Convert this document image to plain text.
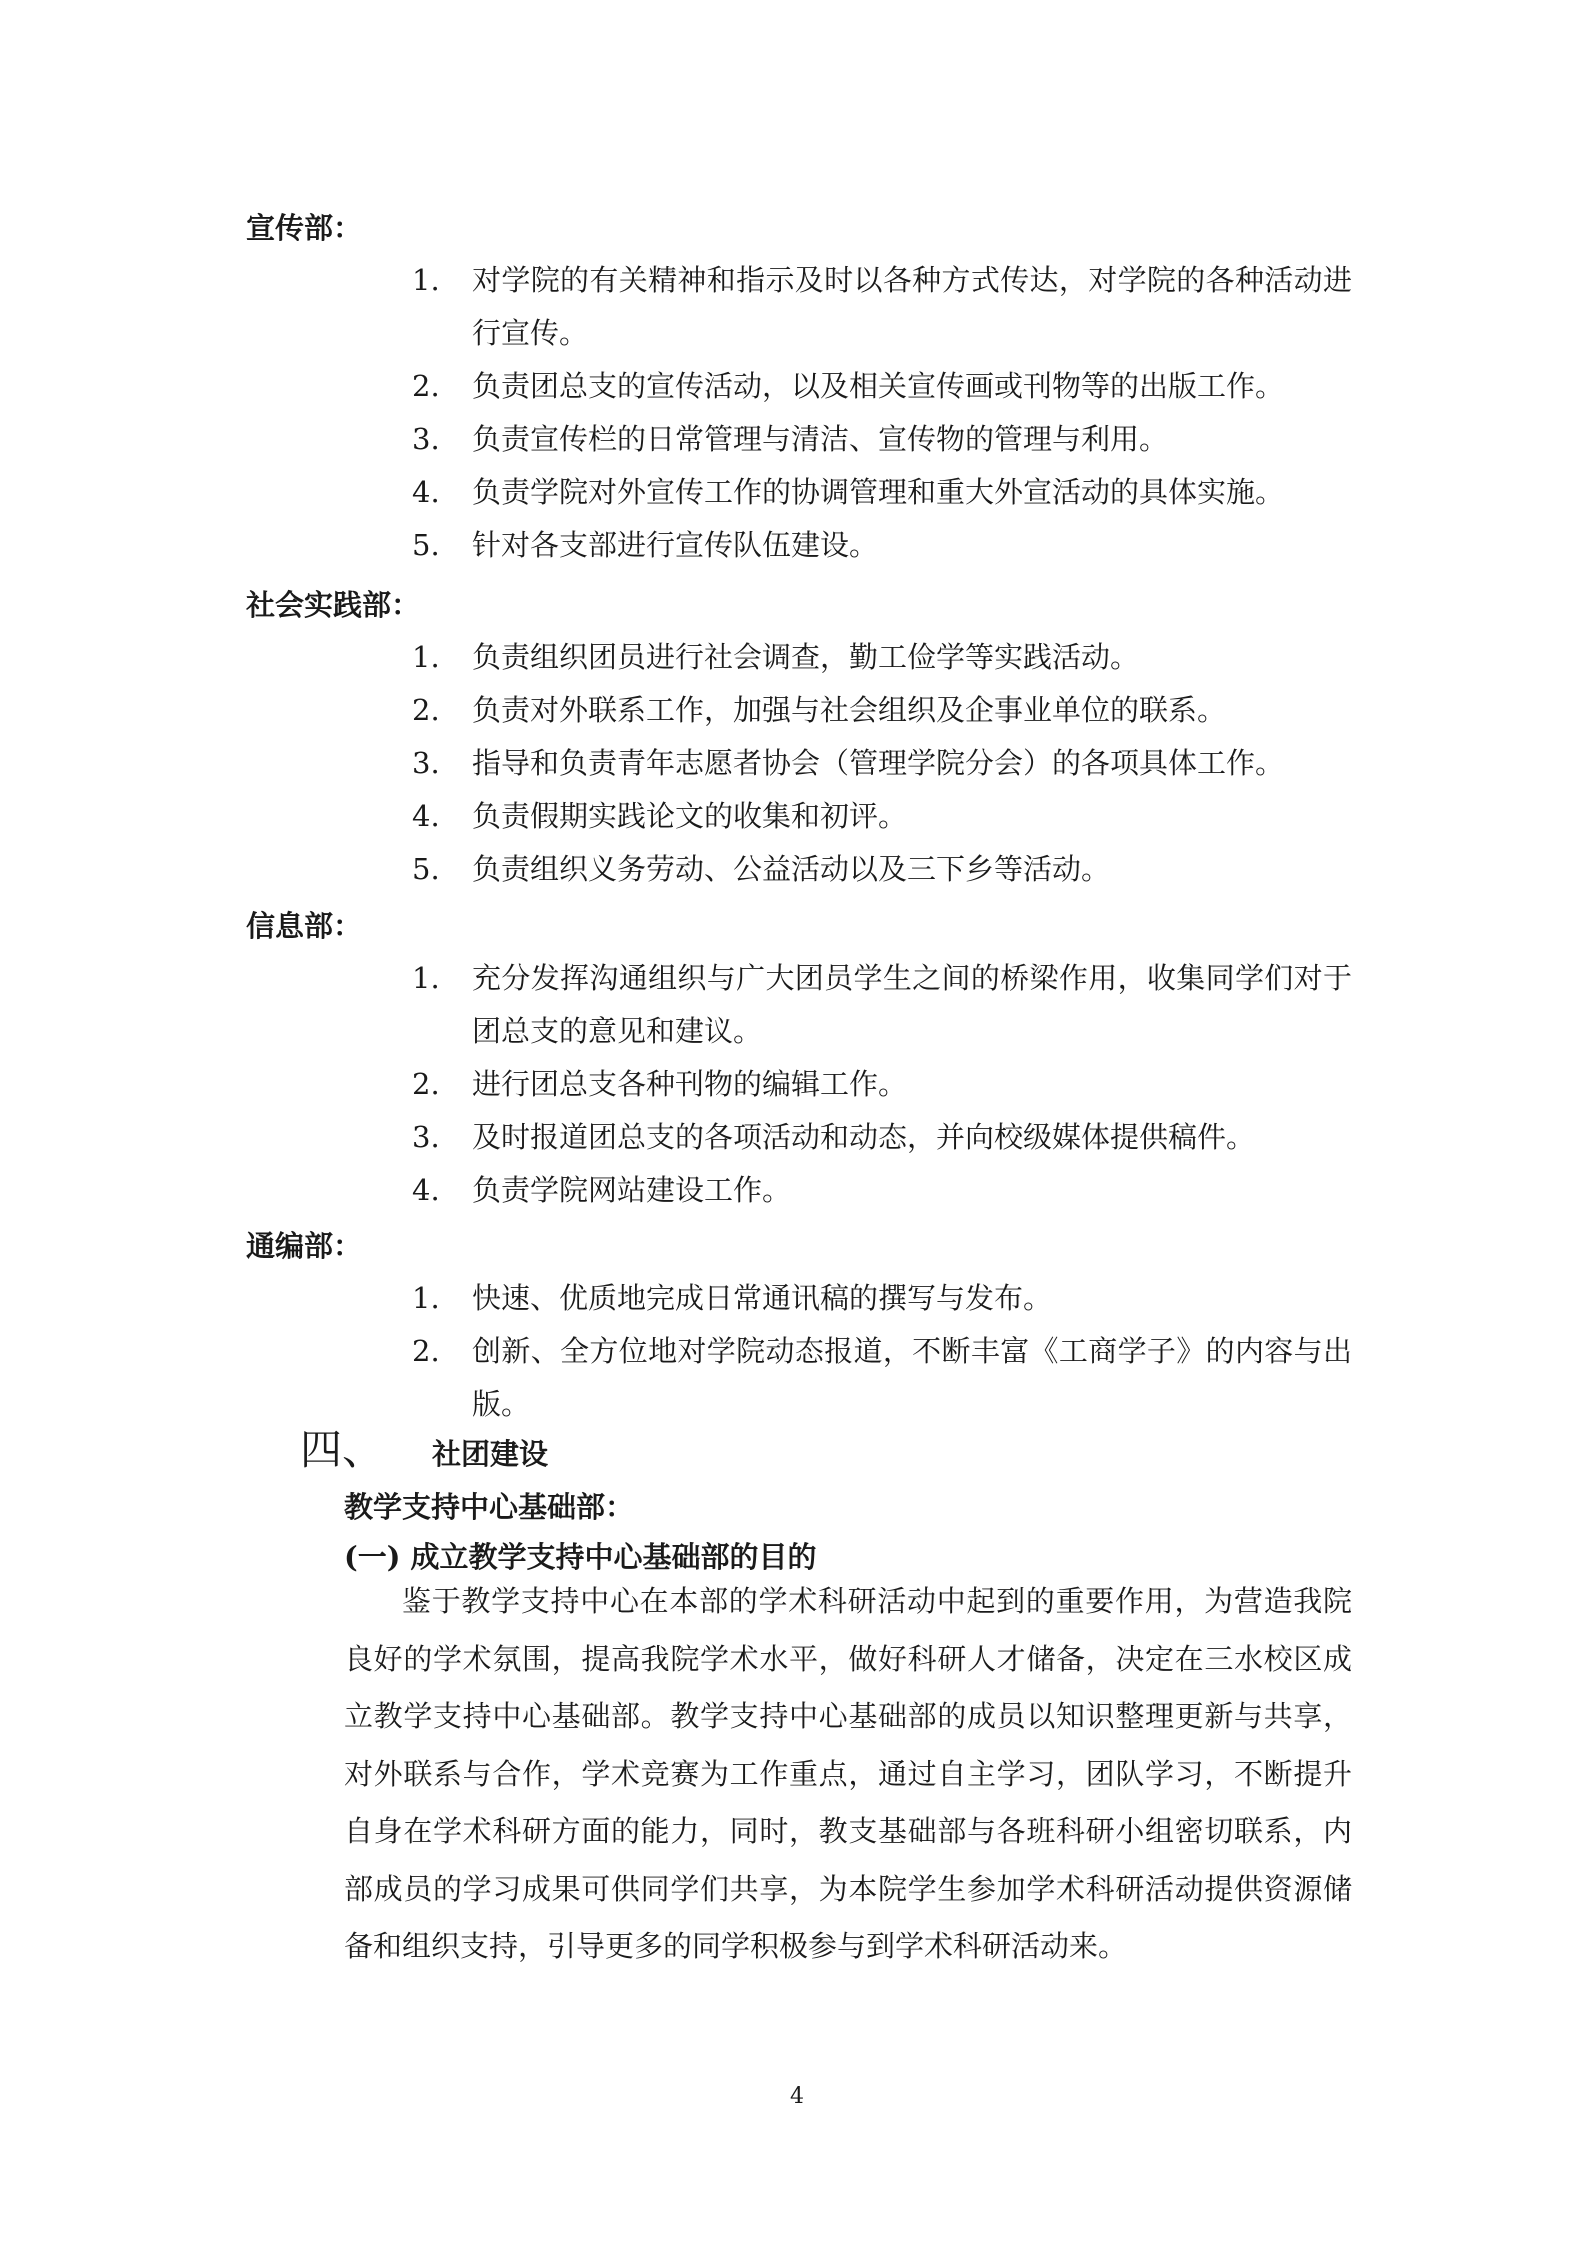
宣传部：
1.	对学院的有关精神和指示及时以各种方式传达，对学院的各种活动进行宣传。
2.	负责团总支的宣传活动，以及相关宣传画或刊物等的出版工作。
3.	负责宣传栏的日常管理与清洁、宣传物的管理与利用。
4.	负责学院对外宣传工作的协调管理和重大外宣活动的具体实施。
5.	针对各支部进行宣传队伍建设。
社会实践部：
1.	负责组织团员进行社会调查，勤工俭学等实践活动。
2.	负责对外联系工作，加强与社会组织及企事业单位的联系。
3.	指导和负责青年志愿者协会（管理学院分会）的各项具体工作。
4.	负责假期实践论文的收集和初评。
5.	负责组织义务劳动、公益活动以及三下乡等活动。
信息部：
1.	充分发挥沟通组织与广大团员学生之间的桥梁作用，收集同学们对于团总支的意见和建议。
2.	进行团总支各种刊物的编辑工作。
3.	及时报道团总支的各项活动和动态，并向校级媒体提供稿件。
4.	负责学院网站建设工作。
通编部：
1.	快速、优质地完成日常通讯稿的撰写与发布。
2.	创新、全方位地对学院动态报道，不断丰富《工商学子》的内容与出版。
四、 社团建设
教学支持中心基础部：
(一) 成立教学支持中心基础部的目的
鉴于教学支持中心在本部的学术科研活动中起到的重要作用，为营造我院良好的学术氛围，提高我院学术水平，做好科研人才储备，决定在三水校区成立教学支持中心基础部。教学支持中心基础部的成员以知识整理更新与共享，对外联系与合作，学术竞赛为工作重点，通过自主学习，团队学习，不断提升自身在学术科研方面的能力，同时，教支基础部与各班科研小组密切联系，内部成员的学习成果可供同学们共享，为本院学生参加学术科研活动提供资源储备和组织支持，引导更多的同学积极参与到学术科研活动来。
4
